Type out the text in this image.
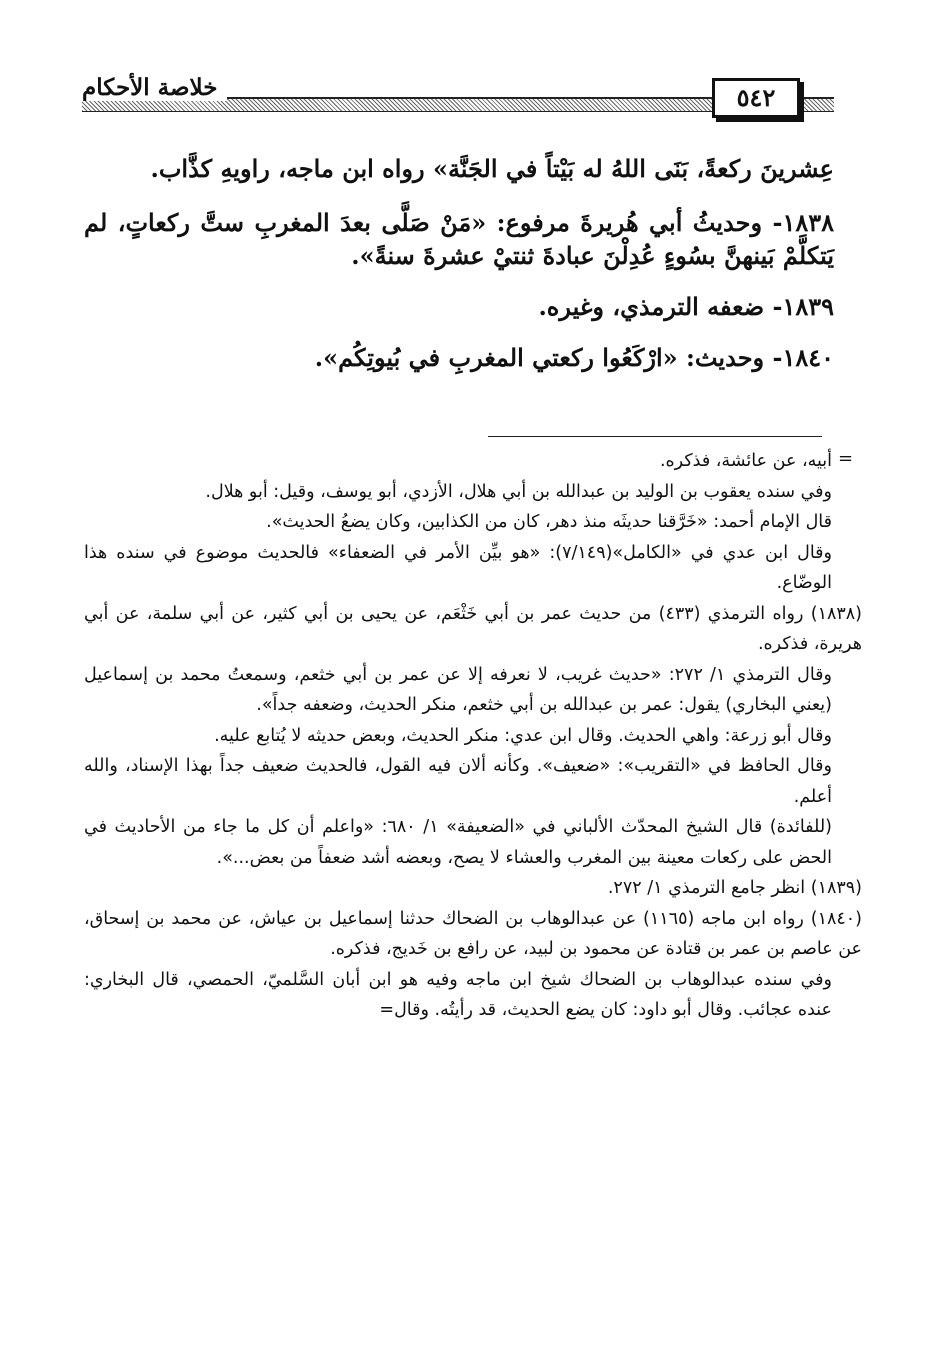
خلاصة الأحكام	٥٤٢

عِشرينَ ركعةً، بَنَى اللهُ له بَيْتاً في الجَنَّة» رواه ابن ماجه، راويهِ كذَّاب.

١٨٣٨- وحديثُ أبي هُريرةَ مرفوع: «مَنْ صَلَّى بعدَ المغربِ ستَّ ركعاتٍ، لم يَتكلَّمْ بَينهنَّ بسُوءٍ عُدِلْنَ عبادةَ ثنتيْ عشرةَ سنةً».

١٨٣٩- ضعفه الترمذي، وغيره.

١٨٤٠- وحديث: «ارْكَعُوا ركعتي المغربِ في بُيوتِكُم».

=

أبيه، عن عائشة، فذكره.

وفي سنده يعقوب بن الوليد بن عبدالله بن أبي هلال، الأزدي، أبو يوسف، وقيل: أبو هلال.

قال الإمام أحمد: «خَرَّقنا حديثَه منذ دهر، كان من الكذابين، وكان يضعُ الحديث».

وقال ابن عدي في «الكامل»(٧/١٤٩): «هو بيِّن الأمر في الضعفاء» فالحديث موضوع في سنده هذا الوضّاع.

(١٨٣٨) رواه الترمذي (٤٣٣) من حديث عمر بن أبي خَثْعَم، عن يحيى بن أبي كثير، عن أبي سلمة، عن أبي هريرة، فذكره.

وقال الترمذي ١/ ٢٧٢: «حديث غريب، لا نعرفه إلا عن عمر بن أبي خثعم، وسمعتُ محمد بن إسماعيل (يعني البخاري) يقول: عمر بن عبدالله بن أبي خثعم، منكر الحديث، وضعفه جداً».

وقال أبو زرعة: واهي الحديث. وقال ابن عدي: منكر الحديث، وبعض حديثه لا يُتابع عليه.

وقال الحافظ في «التقريب»: «ضعيف». وكأنه ألان فيه القول، فالحديث ضعيف جداً بهذا الإسناد، والله أعلم.

(للفائدة) قال الشيخ المحدّث الألباني في «الضعيفة» ١/ ٦٨٠: «واعلم أن كل ما جاء من الأحاديث في الحض على ركعات معينة بين المغرب والعشاء لا يصح، وبعضه أشد ضعفاً من بعض...».

(١٨٣٩) انظر جامع الترمذي ١/ ٢٧٢.

(١٨٤٠) رواه ابن ماجه (١١٦٥) عن عبدالوهاب بن الضحاك حدثنا إسماعيل بن عياش، عن محمد بن إسحاق، عن عاصم بن عمر بن قتادة عن محمود بن لبيد، عن رافع بن خَديج، فذكره.

وفي سنده عبدالوهاب بن الضحاك شيخ ابن ماجه وفيه هو ابن أبان السَّلميّ، الحمصي، قال البخاري: عنده عجائب. وقال أبو داود: كان يضع الحديث، قد رأيتُه. وقال=
